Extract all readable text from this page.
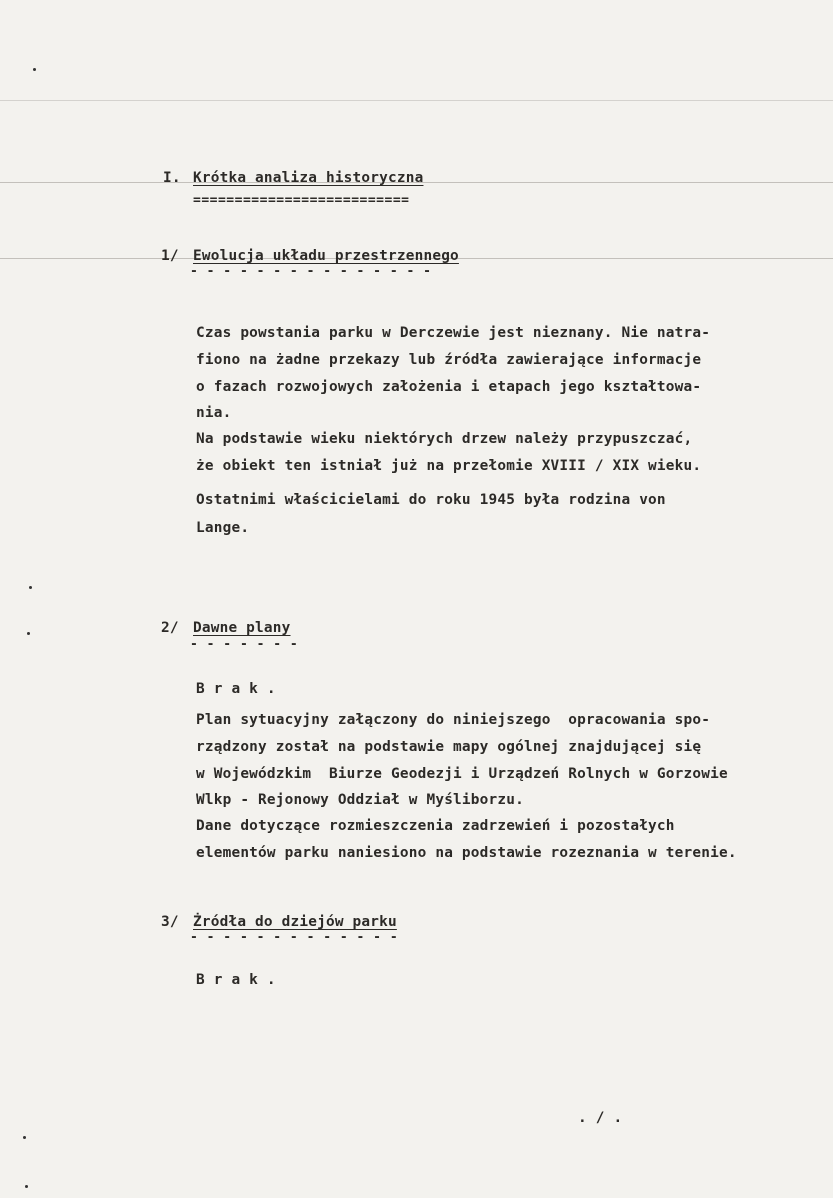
I. Krótka analiza historyczna
==========================
1/ Ewolucja układu przestrzennego
- - - - - - - - - - - - - - -
Czas powstania parku w Derczewie jest nieznany. Nie natra-
fiono na żadne przekazy lub źródła zawierające informacje
o fazach rozwojowych założenia i etapach jego kształtowa-
nia.
Na podstawie wieku niektórych drzew należy przypuszczać,
że obiekt ten istniał już na przełomie XVIII / XIX wieku.
Ostatnimi właścicielami do roku 1945 była rodzina von
Lange.
2/ Dawne plany
- - - - - - -
B r a k .
Plan sytuacyjny załączony do niniejszego  opracowania spo-
rządzony został na podstawie mapy ogólnej znajdującej się
w Wojewódzkim  Biurze Geodezji i Urządzeń Rolnych w Gorzowie
Wlkp - Rejonowy Oddział w Myśliborzu.
Dane dotyczące rozmieszczenia zadrzewień i pozostałych
elementów parku naniesiono na podstawie rozeznania w terenie.
3/ Żródła do dziejów parku
- - - - - - - - - - - - -
B r a k .
. / .
